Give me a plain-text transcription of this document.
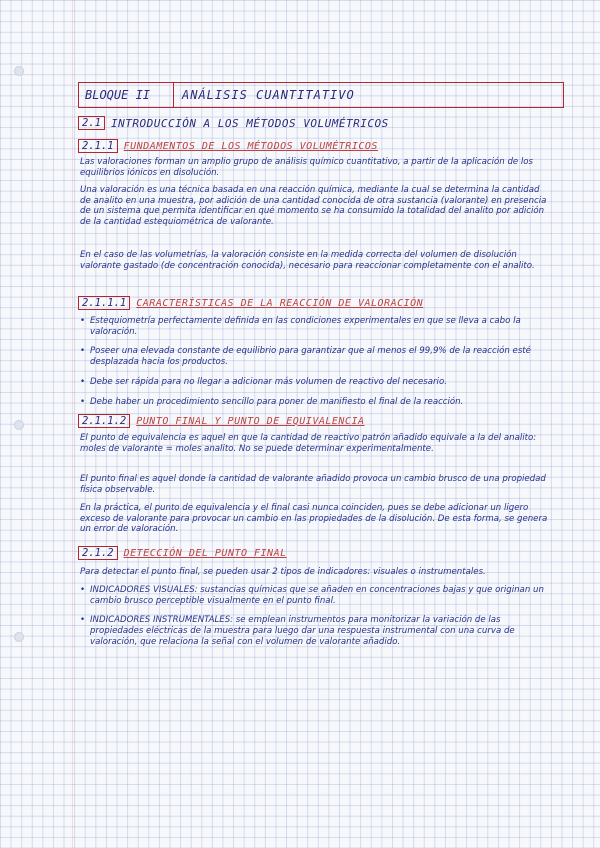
BLOQUE II	ANÁLISIS CUANTITATIVO
2.1 INTRODUCCIÓN A LOS MÉTODOS VOLUMÉTRICOS
2.1.1	FUNDAMENTOS DE LOS MÉTODOS VOLUMÉTRICOS
Las valoraciones forman un amplio grupo de análisis químico cuantitativo, a partir de la aplicación de los equilibrios iónicos en disolución.
Una valoración es una técnica basada en una reacción química, mediante la cual se determina la cantidad de analito en una muestra, por adición de una cantidad conocida de otra sustancia (valorante) en presencia de un sistema que permita identificar en qué momento se ha consumido la totalidad del analito por adición de la cantidad estequiométrica de valorante.
En el caso de las volumetrías, la valoración consiste en la medida correcta del volumen de disolución valorante gastado (de concentración conocida), necesario para reaccionar completamente con el analito.
2.1.1.1	CARACTERÍSTICAS DE LA REACCIÓN DE VALORACIÓN
• Estequiometría perfectamente definida en las condiciones experimentales en que se lleva a cabo la valoración.
• Poseer una elevada constante de equilibrio para garantizar que al menos el 99,9% de la reacción esté desplazada hacia los productos.
• Debe ser rápida para no llegar a adicionar más volumen de reactivo del necesario.
• Debe haber un procedimiento sencillo para poner de manifiesto el final de la reacción.
2.1.1.2	PUNTO FINAL Y PUNTO DE EQUIVALENCIA
El punto de equivalencia es aquel en que la cantidad de reactivo patrón añadido equivale a la del analito: moles de valorante = moles analito. No se puede determinar experimentalmente.
El punto final es aquel donde la cantidad de valorante añadido provoca un cambio brusco de una propiedad física observable.
En la práctica, el punto de equivalencia y el final casi nunca coinciden, pues se debe adicionar un ligero exceso de valorante para provocar un cambio en las propiedades de la disolución. De esta forma, se genera un error de valoración.
2.1.2	DETECCIÓN DEL PUNTO FINAL
Para detectar el punto final, se pueden usar 2 tipos de indicadores: visuales o instrumentales.
• INDICADORES VISUALES: sustancias químicas que se añaden en concentraciones bajas y que originan un cambio brusco perceptible visualmente en el punto final.
• INDICADORES INSTRUMENTALES: se emplean instrumentos para monitorizar la variación de las propiedades eléctricas de la muestra para luego dar una respuesta instrumental con una curva de valoración, que relaciona la señal con el volumen de valorante añadido.
